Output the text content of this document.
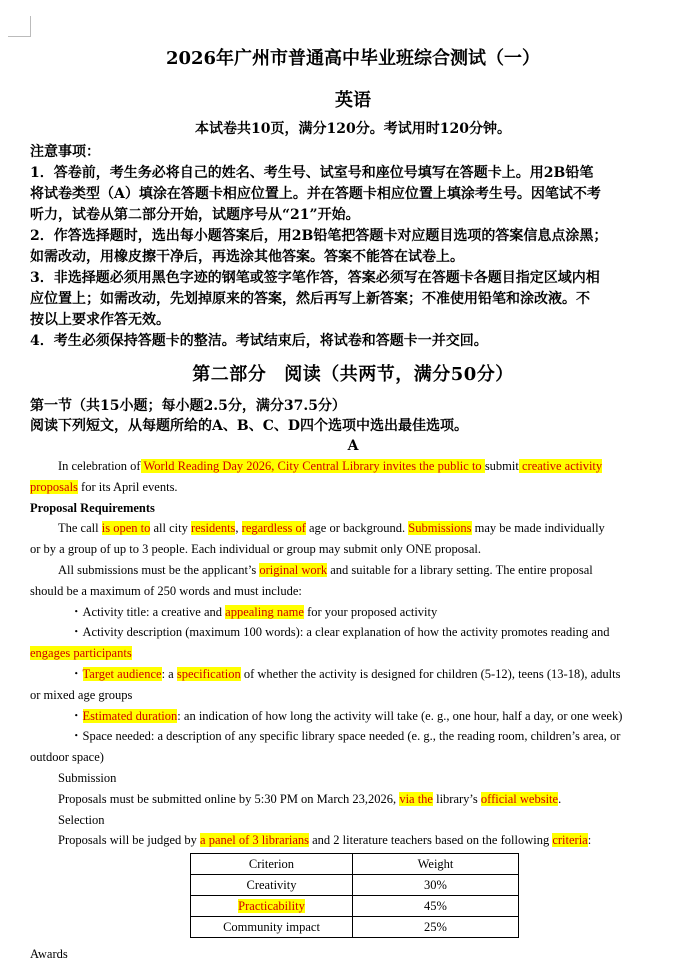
2026年广州市普通高中毕业班综合测试（一）
英语
本试卷共10页，满分120分。考试用时120分钟。
注意事项：
1．答卷前，考生务必将自己的姓名、考生号、试室号和座位号填写在答题卡上。用2B铅笔
将试卷类型（A）填涂在答题卡相应位置上。并在答题卡相应位置上填涂考生号。因笔试不考
听力，试卷从第二部分开始，试题序号从“21”开始。
2．作答选择题时，选出每小题答案后，用2B铅笔把答题卡对应题目选项的答案信息点涂黑；
如需改动，用橡皮擦干净后，再选涂其他答案。答案不能答在试卷上。
3．非选择题必须用黑色字迹的钢笔或签字笔作答，答案必须写在答题卡各题目指定区域内相
应位置上；如需改动，先划掉原来的答案，然后再写上新答案；不准使用铅笔和涂改液。不
按以上要求作答无效。
4．考生必须保持答题卡的整洁。考试结束后，将试卷和答题卡一并交回。
第二部分 阅读（共两节，满分50分）
第一节（共15小题；每小题2.5分，满分37.5分）
阅读下列短文，从每题所给的A、B、C、D四个选项中选出最佳选项。
A
In celebration of World Reading Day 2026, City Central Library invites the public to submit creative activity
proposals for its April events.
Proposal Requirements
The call is open to all city residents, regardless of age or background. Submissions may be made individually
or by a group of up to 3 people. Each individual or group may submit only ONE proposal.
All submissions must be the applicant’s original work and suitable for a library setting. The entire proposal
should be a maximum of 250 words and must include:
・Activity title: a creative and appealing name for your proposed activity
・Activity description (maximum 100 words): a clear explanation of how the activity promotes reading and
engages participants
・Target audience: a specification of whether the activity is designed for children (5-12), teens (13-18), adults
or mixed age groups
・Estimated duration: an indication of how long the activity will take (e. g., one hour, half a day, or one week)
・Space needed: a description of any specific library space needed (e. g., the reading room, children’s area, or
outdoor space)
Submission
Proposals must be submitted online by 5:30 PM on March 23,2026, via the library’s official website.
Selection
Proposals will be judged by a panel of 3 librarians and 2 literature teachers based on the following criteria:
Criterion	Weight
Creativity	30%
Practicability	45%
Community impact	25%
Awards
